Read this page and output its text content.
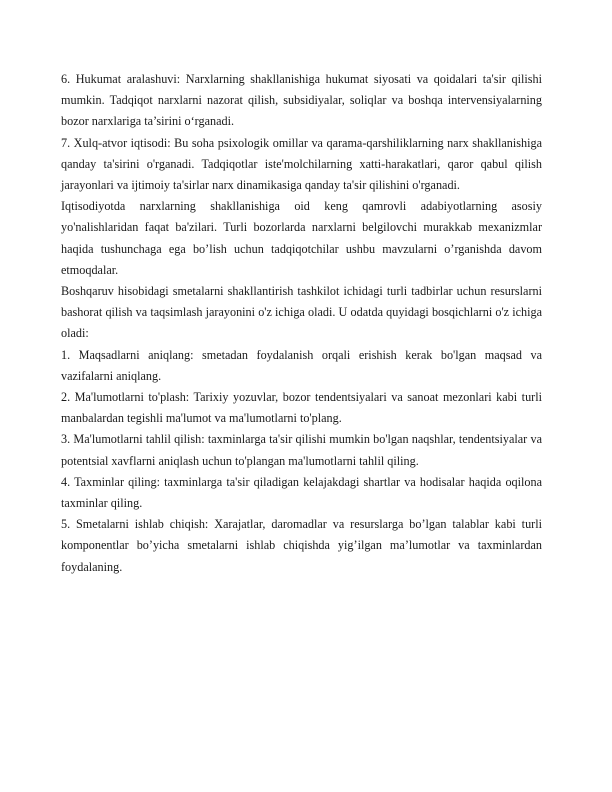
6. Hukumat aralashuvi: Narxlarning shakllanishiga hukumat siyosati va qoidalari ta'sir qilishi mumkin. Tadqiqot narxlarni nazorat qilish, subsidiyalar, soliqlar va boshqa intervensiyalarning bozor narxlariga ta’sirini o‘rganadi.

7. Xulq-atvor iqtisodi: Bu soha psixologik omillar va qarama-qarshiliklarning narx shakllanishiga qanday ta'sirini o'rganadi. Tadqiqotlar iste'molchilarning xatti-harakatlari, qaror qabul qilish jarayonlari va ijtimoiy ta'sirlar narx dinamikasiga qanday ta'sir qilishini o'rganadi.

Iqtisodiyotda narxlarning shakllanishiga oid keng qamrovli adabiyotlarning asosiy yo'nalishlaridan faqat ba'zilari. Turli bozorlarda narxlarni belgilovchi murakkab mexanizmlar haqida tushunchaga ega bo’lish uchun tadqiqotchilar ushbu mavzularni o’rganishda davom etmoqdalar.

Boshqaruv hisobidagi smetalarni shakllantirish tashkilot ichidagi turli tadbirlar uchun resurslarni bashorat qilish va taqsimlash jarayonini o'z ichiga oladi. U odatda quyidagi bosqichlarni o'z ichiga oladi:

1. Maqsadlarni aniqlang: smetadan foydalanish orqali erishish kerak bo'lgan maqsad va vazifalarni aniqlang.

2. Ma'lumotlarni to'plash: Tarixiy yozuvlar, bozor tendentsiyalari va sanoat mezonlari kabi turli manbalardan tegishli ma'lumot va ma'lumotlarni to'plang.

3. Ma'lumotlarni tahlil qilish: taxminlarga ta'sir qilishi mumkin bo'lgan naqshlar, tendentsiyalar va potentsial xavflarni aniqlash uchun to'plangan ma'lumotlarni tahlil qiling.

4. Taxminlar qiling: taxminlarga ta'sir qiladigan kelajakdagi shartlar va hodisalar haqida oqilona taxminlar qiling.

5. Smetalarni ishlab chiqish: Xarajatlar, daromadlar va resurslarga bo’lgan talablar kabi turli komponentlar bo’yicha smetalarni ishlab chiqishda yig’ilgan ma’lumotlar va taxminlardan foydalaning.
